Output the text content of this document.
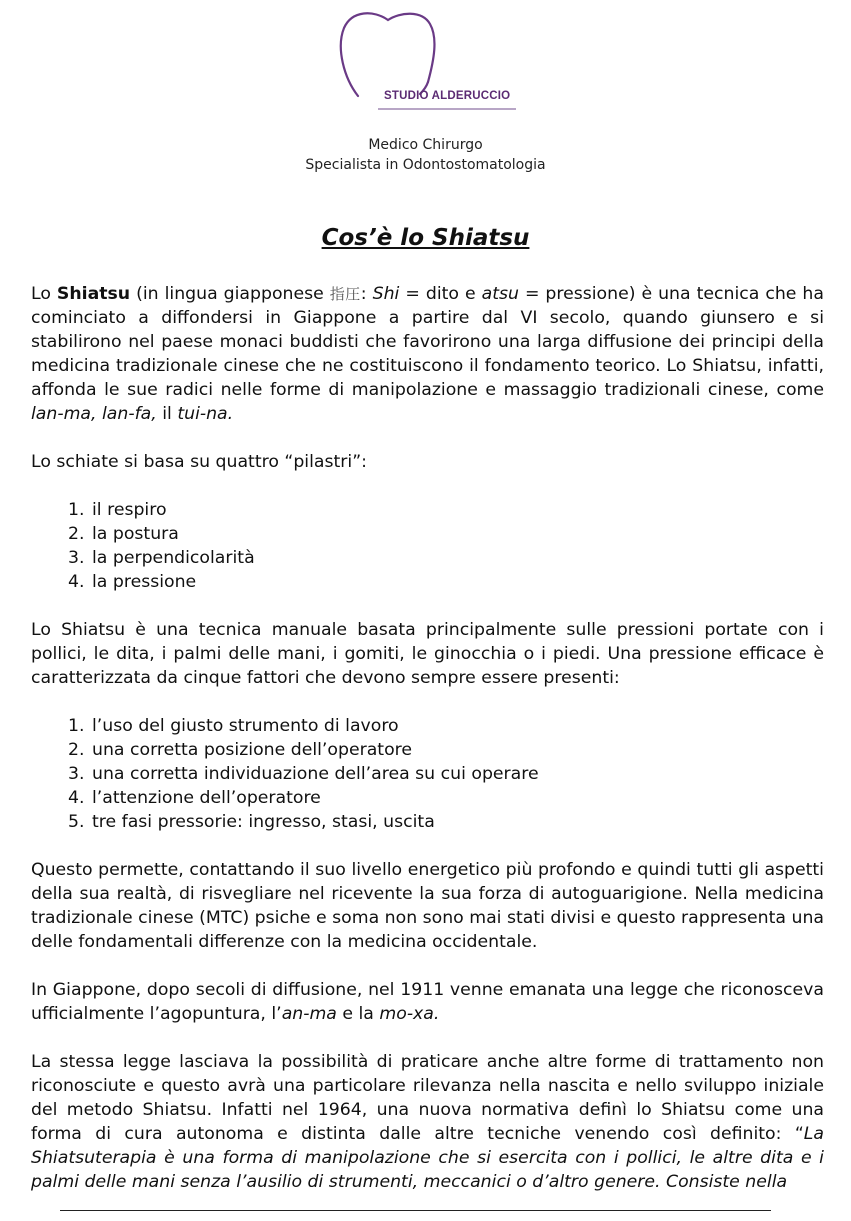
STUDIO ALDERUCCIO
Medico Chirurgo
Specialista in Odontostomatologia
Cos’è lo Shiatsu

Lo Shiatsu (in lingua giapponese 指圧: Shi = dito e atsu = pressione) è una tecnica che ha cominciato a diffondersi in Giappone a partire dal VI secolo, quando giunsero e si stabilirono nel paese monaci buddisti che favorirono una larga diffusione dei principi della medicina tradizionale cinese che ne costituiscono il fondamento teorico. Lo Shiatsu, infatti, affonda le sue radici nelle forme di manipolazione e massaggio tradizionali cinese, come lan-ma, lan-fa, il tui-na.

Lo schiate si basa su quattro “pilastri”:

1. il respiro
2. la postura
3. la perpendicolarità
4. la pressione

Lo Shiatsu è una tecnica manuale basata principalmente sulle pressioni portate con i pollici, le dita, i palmi delle mani, i gomiti, le ginocchia o i piedi. Una pressione efficace è caratterizzata da cinque fattori che devono sempre essere presenti:

1. l’uso del giusto strumento di lavoro
2. una corretta posizione dell’operatore
3. una corretta individuazione dell’area su cui operare
4. l’attenzione dell’operatore
5. tre fasi pressorie: ingresso, stasi, uscita

Questo permette, contattando il suo livello energetico più profondo e quindi tutti gli aspetti della sua realtà, di risvegliare nel ricevente la sua forza di autoguarigione. Nella medicina tradizionale cinese (MTC) psiche e soma non sono mai stati divisi e questo rappresenta una delle fondamentali differenze con la medicina occidentale.

In Giappone, dopo secoli di diffusione, nel 1911 venne emanata una legge che riconosceva ufficialmente l’agopuntura, l’an-ma e la mo-xa.

La stessa legge lasciava la possibilità di praticare anche altre forme di trattamento non riconosciute e questo avrà una particolare rilevanza nella nascita e nello sviluppo iniziale del metodo Shiatsu. Infatti nel 1964, una nuova normativa definì lo Shiatsu come una forma di cura autonoma e distinta dalle altre tecniche venendo così definito: “La Shiatsuterapia è una forma di manipolazione che si esercita con i pollici, le altre dita e i palmi delle mani senza l’ausilio di strumenti, meccanici o d’altro genere. Consiste nella
